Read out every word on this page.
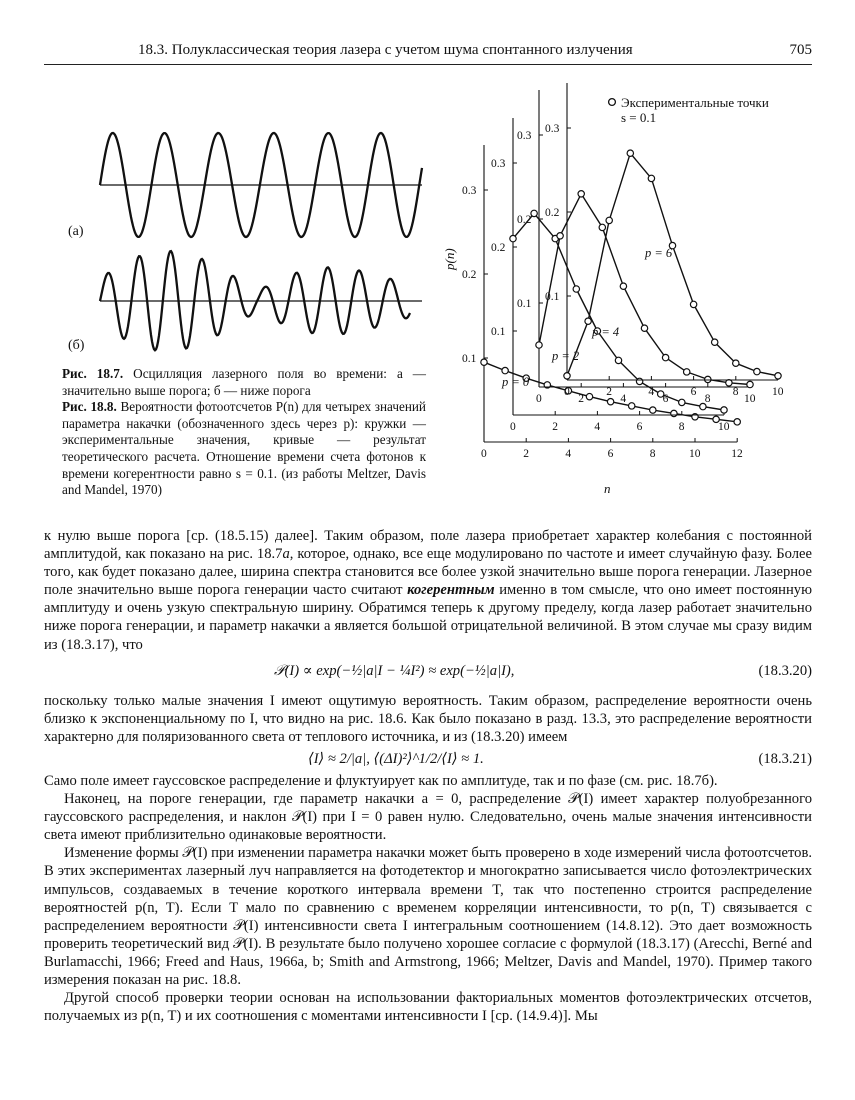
18.3. Полуклассическая теория лазера с учетом шума спонтанного излучения	705
(а)
(б)
Экспериментальные точки
s = 0.1
p(n)
n
0	2	4	6	8	10	12
0.1
0.2
0.3
p = 0
0	2	4	6	8	10
0.1
0.2
0.3
p = 2
0	2	4	6	8	10
0.1
0.2
0.3
p = 4
0	2	4	6	8	10
0.1
0.2
0.3
p = 6

Рис. 18.7. Осцилляция лазерного поля во времени: а — значительно выше порога; б — ниже порога

Рис. 18.8. Вероятности фотоотсчетов P(n) для четырех значений параметра накачки (обозначенного здесь через p): кружки — экспериментальные значения, кривые — результат теоретического расчета. Отношение времени счета фотонов к времени когерентности равно s = 0.1. (из работы Meltzer, Davis and Mandel, 1970)

к нулю выше порога [ср. (18.5.15) далее]. Таким образом, поле лазера приобретает характер колебания с постоянной амплитудой, как показано на рис. 18.7а, которое, однако, все еще модулировано по частоте и имеет случайную фазу. Более того, как будет показано далее, ширина спектра становится все более узкой значительно выше порога генерации. Лазерное поле значительно выше порога генерации часто считают когерентным именно в том смысле, что оно имеет постоянную амплитуду и очень узкую спектральную ширину. Обратимся теперь к другому пределу, когда лазер работает значительно ниже порога генерации, и параметр накачки a является большой отрицательной величиной. В этом случае мы сразу видим из (18.3.17), что

𝒫(I) ∝ exp(−½|a|I − ¼I²) ≈ exp(−½|a|I),	(18.3.20)

поскольку только малые значения I имеют ощутимую вероятность. Таким образом, распределение вероятности очень близко к экспоненциальному по I, что видно на рис. 18.6. Как было показано в разд. 13.3, это распределение вероятности характерно для поляризованного света от теплового источника, и из (18.3.20) имеем

⟨I⟩ ≈ 2/|a|, ⟨(ΔI)²⟩^1/2/⟨I⟩ ≈ 1.	(18.3.21)

Само поле имеет гауссовское распределение и флуктуирует как по амплитуде, так и по фазе (см. рис. 18.7б).

Наконец, на пороге генерации, где параметр накачки a = 0, распределение 𝒫(I) имеет характер полуобрезанного гауссовского распределения, и наклон 𝒫(I) при I = 0 равен нулю. Следовательно, очень малые значения интенсивности света имеют приблизительно одинаковые вероятности.

Изменение формы 𝒫(I) при изменении параметра накачки может быть проверено в ходе измерений числа фотоотсчетов. В этих экспериментах лазерный луч направляется на фотодетектор и многократно записывается число фотоэлектрических импульсов, создаваемых в течение короткого интервала времени T, так что постепенно строится распределение вероятностей p(n, T). Если T мало по сравнению с временем корреляции интенсивности, то p(n, T) связывается с распределением вероятности 𝒫(I) интенсивности света I интегральным соотношением (14.8.12). Это дает возможность проверить теоретический вид 𝒫(I). В результате было получено хорошее согласие с формулой (18.3.17) (Arecchi, Berné and Burlamacchi, 1966; Freed and Haus, 1966a, b; Smith and Armstrong, 1966; Meltzer, Davis and Mandel, 1970). Пример такого измерения показан на рис. 18.8.

Другой способ проверки теории основан на использовании факториальных моментов фотоэлектрических отсчетов, получаемых из p(n, T) и их соотношения с моментами интенсивности I [ср. (14.9.4)]. Мы
